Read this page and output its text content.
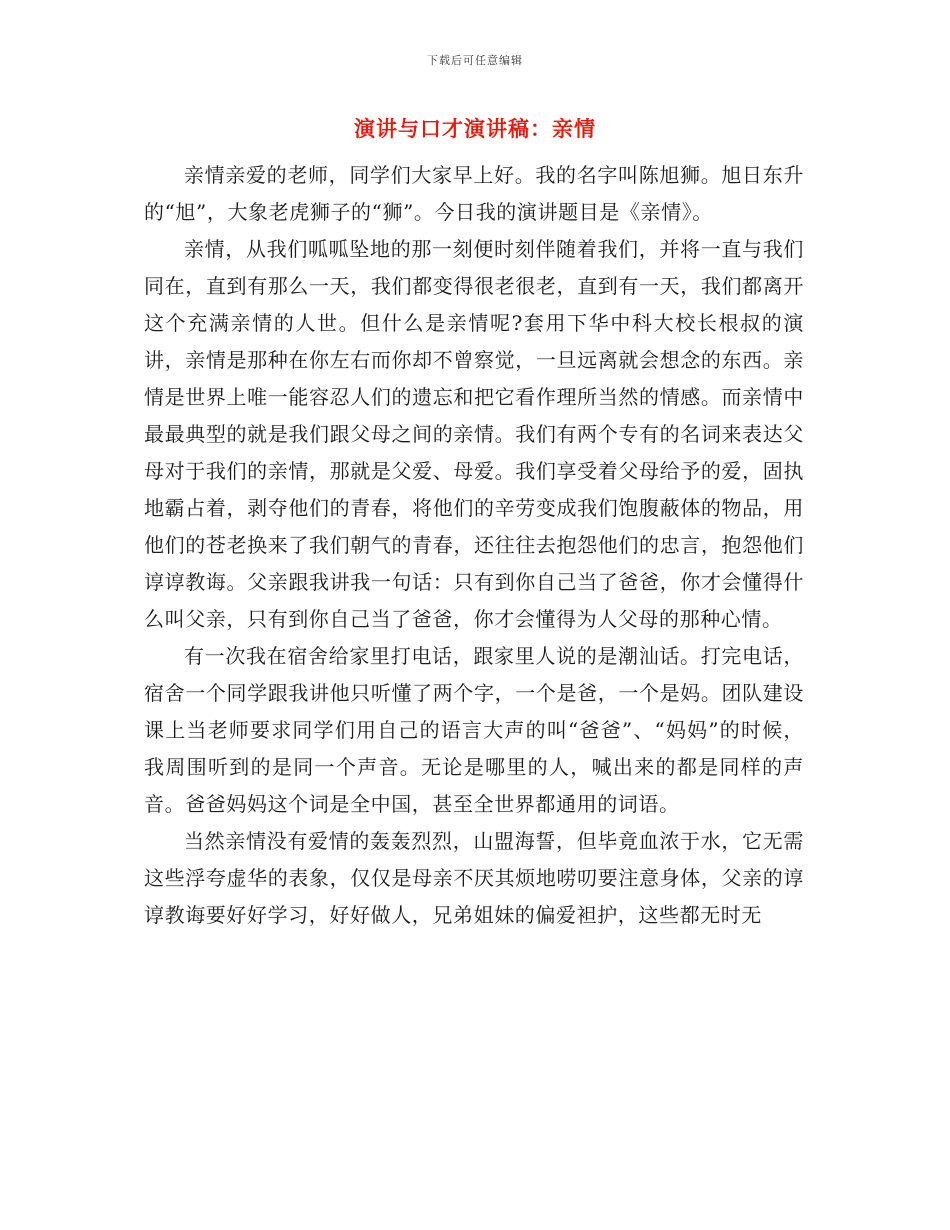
下载后可任意编辑
演讲与口才演讲稿：亲情

亲情亲爱的老师，同学们大家早上好。我的名字叫陈旭狮。旭日东升的“旭”，大象老虎狮子的“狮”。今日我的演讲题目是《亲情》。

亲情，从我们呱呱坠地的那一刻便时刻伴随着我们，并将一直与我们同在，直到有那么一天，我们都变得很老很老，直到有一天，我们都离开这个充满亲情的人世。但什么是亲情呢?套用下华中科大校长根叔的演讲，亲情是那种在你左右而你却不曾察觉，一旦远离就会想念的东西。亲情是世界上唯一能容忍人们的遗忘和把它看作理所当然的情感。而亲情中最最典型的就是我们跟父母之间的亲情。我们有两个专有的名词来表达父母对于我们的亲情，那就是父爱、母爱。我们享受着父母给予的爱，固执地霸占着，剥夺他们的青春，将他们的辛劳变成我们饱腹蔽体的物品，用他们的苍老换来了我们朝气的青春，还往往去抱怨他们的忠言，抱怨他们谆谆教诲。父亲跟我讲我一句话：只有到你自己当了爸爸，你才会懂得什么叫父亲，只有到你自己当了爸爸，你才会懂得为人父母的那种心情。

有一次我在宿舍给家里打电话，跟家里人说的是潮汕话。打完电话，宿舍一个同学跟我讲他只听懂了两个字，一个是爸，一个是妈。团队建设课上当老师要求同学们用自己的语言大声的叫“爸爸”、“妈妈”的时候，我周围听到的是同一个声音。无论是哪里的人，喊出来的都是同样的声音。爸爸妈妈这个词是全中国，甚至全世界都通用的词语。

当然亲情没有爱情的轰轰烈烈，山盟海誓，但毕竟血浓于水，它无需这些浮夸虚华的表象，仅仅是母亲不厌其烦地唠叨要注意身体，父亲的谆谆教诲要好好学习，好好做人，兄弟姐妹的偏爱袒护，这些都无时无
